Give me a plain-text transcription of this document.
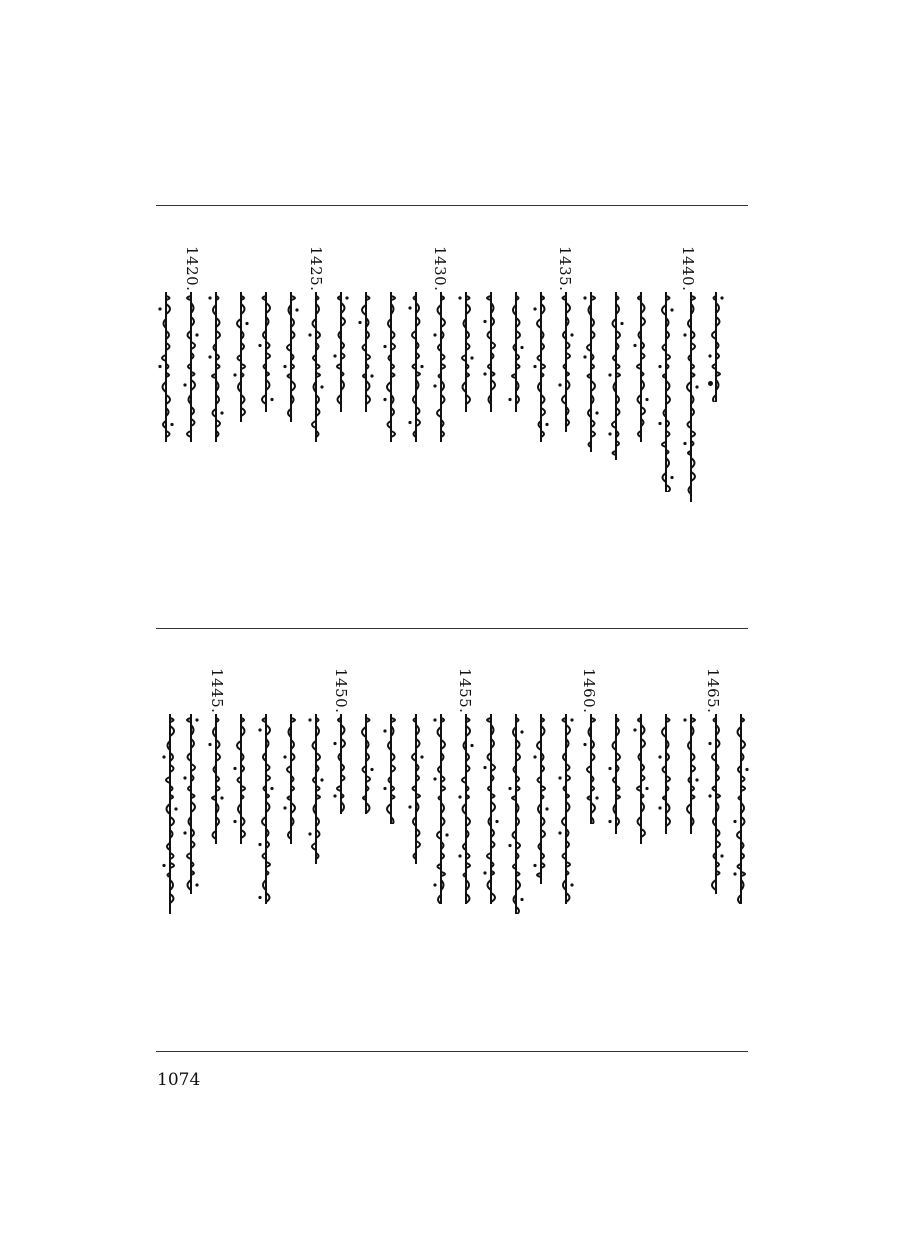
1440.
1435.
1430.
1425.
1420.
1465.
1460.
1455.
1450.
1445.
1074
